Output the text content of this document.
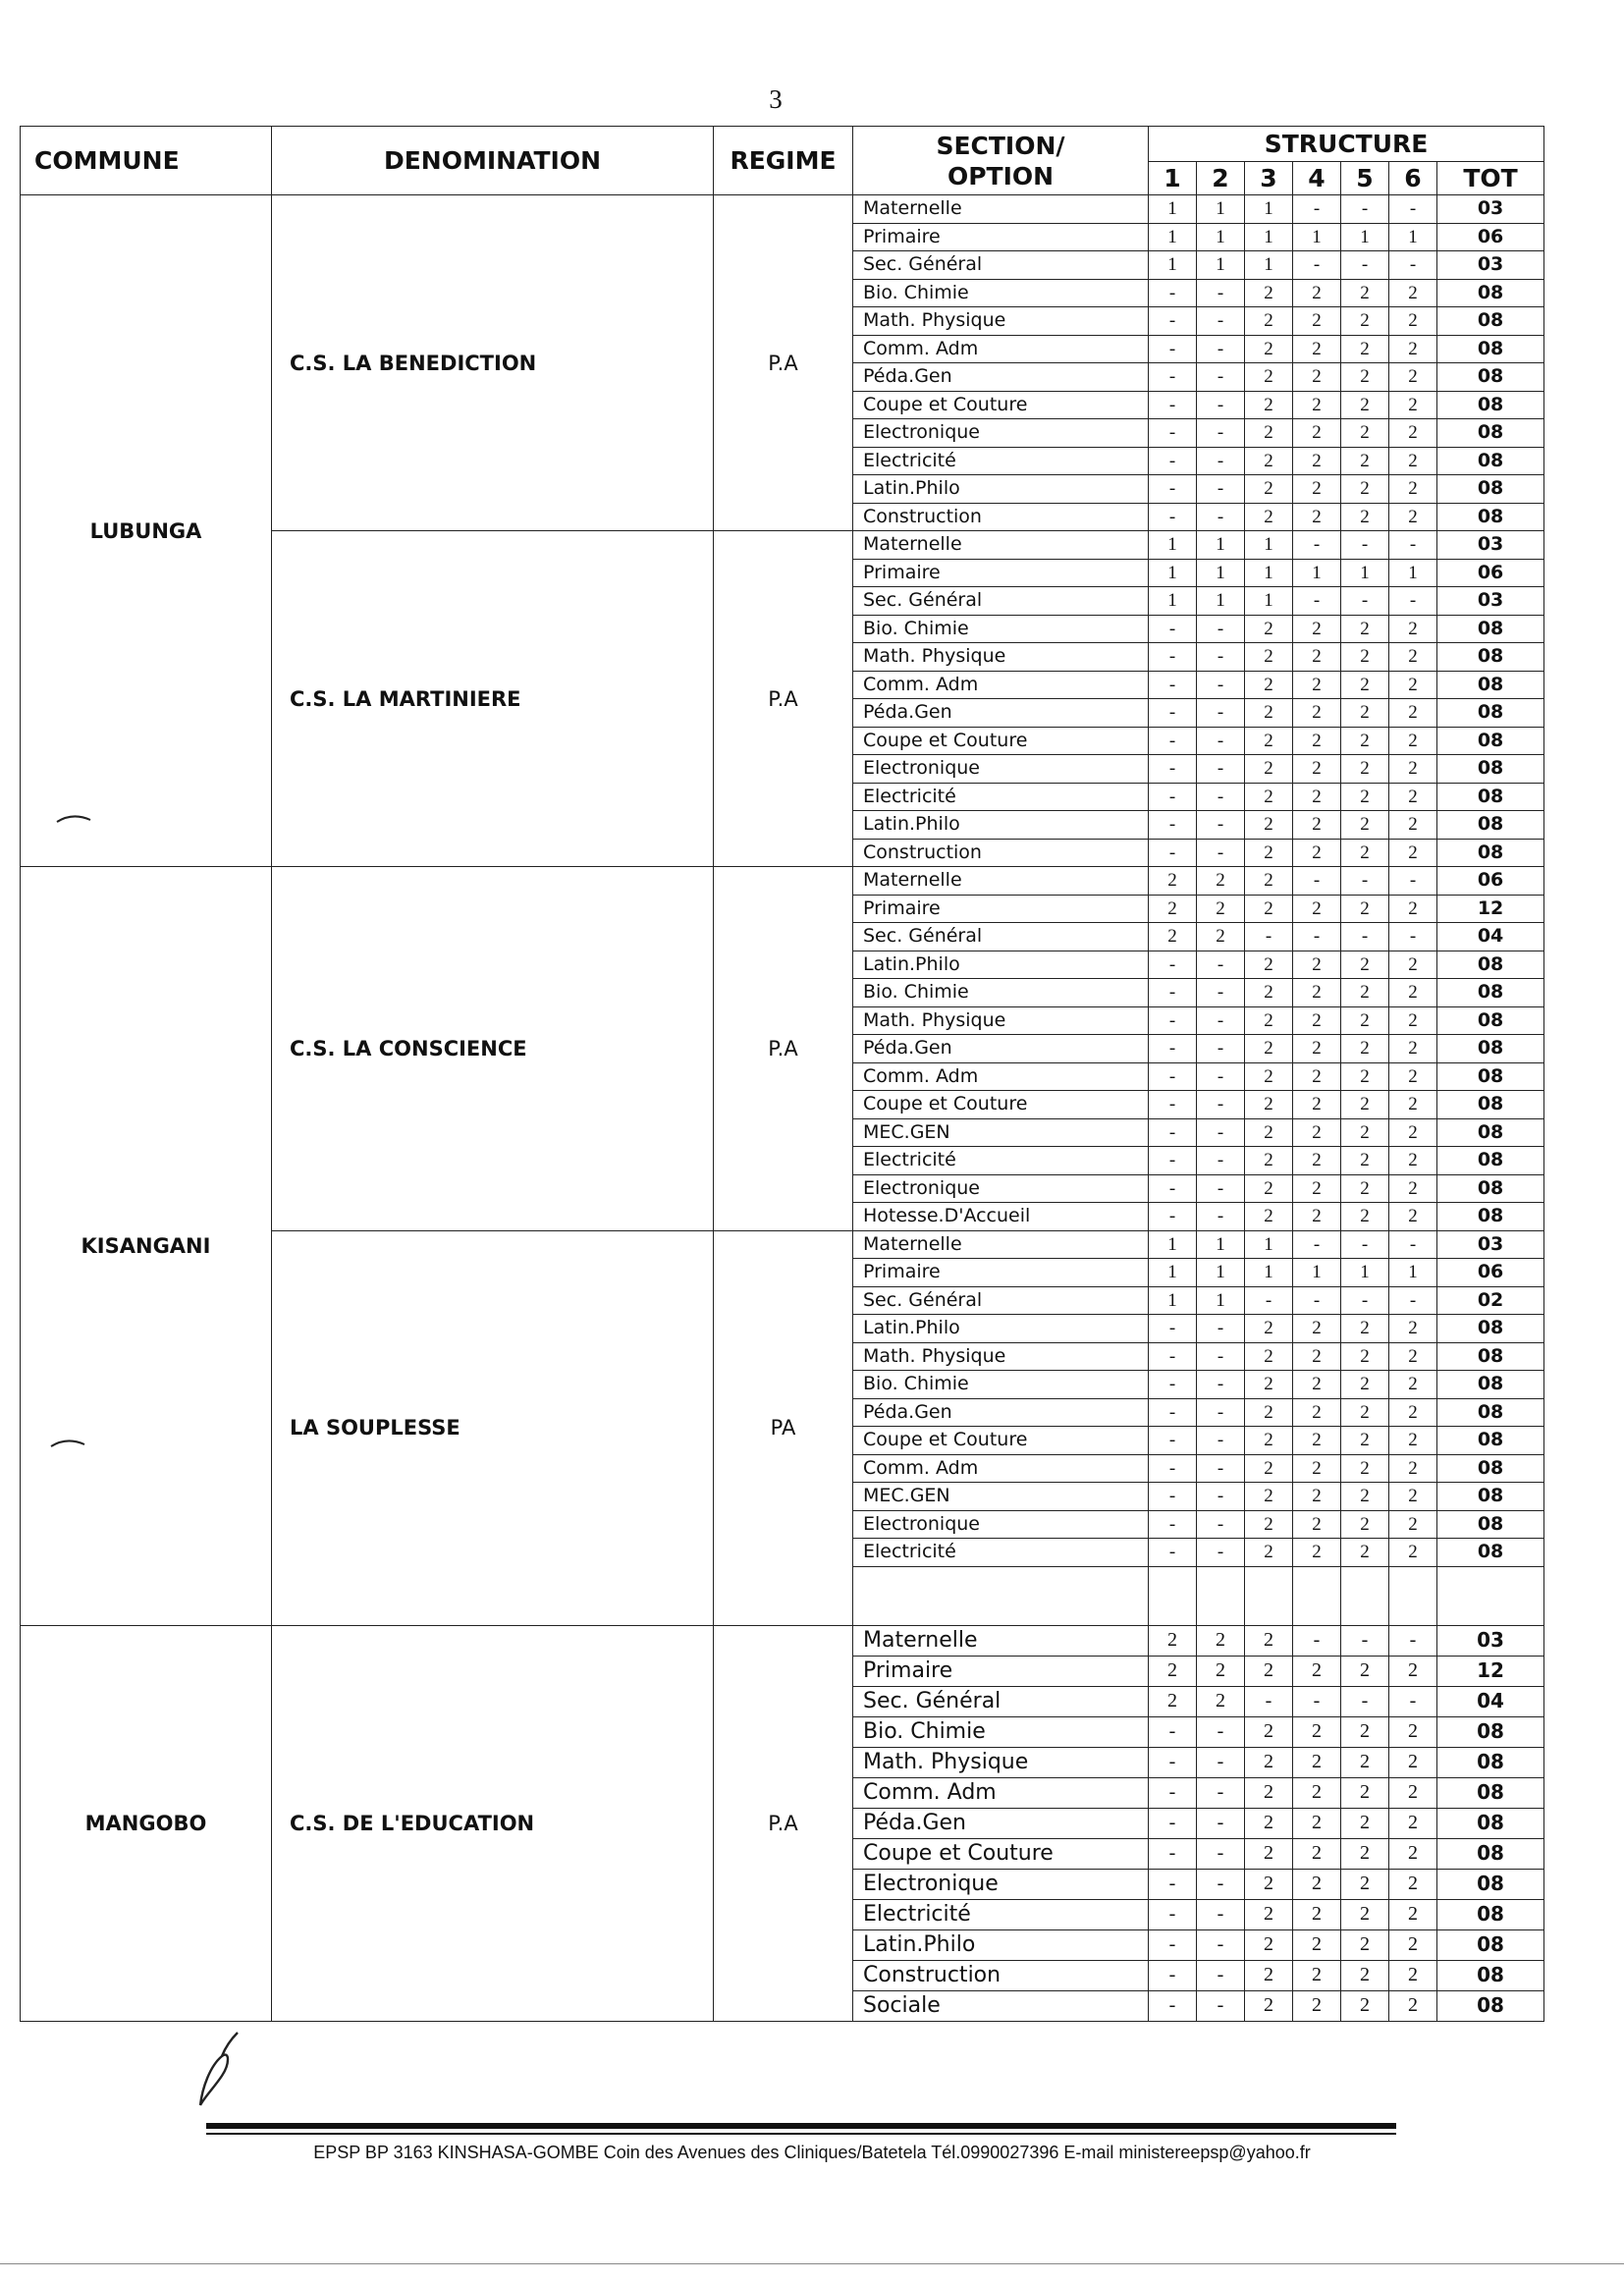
3
COMMUNE	DENOMINATION	REGIME	SECTION/
OPTION	STRUCTURE						
				1	2	3	4	5	6	TOT
LUBUNGA	C.S. LA BENEDICTION	P.A	Maternelle	1	1	1	-	-	-	03
			Primaire	1	1	1	1	1	1	06
			Sec. Général	1	1	1	-	-	-	03
			Bio. Chimie	-	-	2	2	2	2	08
			Math. Physique	-	-	2	2	2	2	08
			Comm. Adm	-	-	2	2	2	2	08
			Péda.Gen	-	-	2	2	2	2	08
			Coupe et Couture	-	-	2	2	2	2	08
			Electronique	-	-	2	2	2	2	08
			Electricité	-	-	2	2	2	2	08
			Latin.Philo	-	-	2	2	2	2	08
			Construction	-	-	2	2	2	2	08
	C.S. LA MARTINIERE	P.A	Maternelle	1	1	1	-	-	-	03
			Primaire	1	1	1	1	1	1	06
			Sec. Général	1	1	1	-	-	-	03
			Bio. Chimie	-	-	2	2	2	2	08
			Math. Physique	-	-	2	2	2	2	08
			Comm. Adm	-	-	2	2	2	2	08
			Péda.Gen	-	-	2	2	2	2	08
			Coupe et Couture	-	-	2	2	2	2	08
			Electronique	-	-	2	2	2	2	08
			Electricité	-	-	2	2	2	2	08
			Latin.Philo	-	-	2	2	2	2	08
			Construction	-	-	2	2	2	2	08
KISANGANI	C.S. LA CONSCIENCE	P.A	Maternelle	2	2	2	-	-	-	06
			Primaire	2	2	2	2	2	2	12
			Sec. Général	2	2	-	-	-	-	04
			Latin.Philo	-	-	2	2	2	2	08
			Bio. Chimie	-	-	2	2	2	2	08
			Math. Physique	-	-	2	2	2	2	08
			Péda.Gen	-	-	2	2	2	2	08
			Comm. Adm	-	-	2	2	2	2	08
			Coupe et Couture	-	-	2	2	2	2	08
			MEC.GEN	-	-	2	2	2	2	08
			Electricité	-	-	2	2	2	2	08
			Electronique	-	-	2	2	2	2	08
			Hotesse.D'Accueil	-	-	2	2	2	2	08
	LA SOUPLESSE	PA	Maternelle	1	1	1	-	-	-	03
			Primaire	1	1	1	1	1	1	06
			Sec. Général	1	1	-	-	-	-	02
			Latin.Philo	-	-	2	2	2	2	08
			Math. Physique	-	-	2	2	2	2	08
			Bio. Chimie	-	-	2	2	2	2	08
			Péda.Gen	-	-	2	2	2	2	08
			Coupe et Couture	-	-	2	2	2	2	08
			Comm. Adm	-	-	2	2	2	2	08
			MEC.GEN	-	-	2	2	2	2	08
			Electronique	-	-	2	2	2	2	08
			Electricité	-	-	2	2	2	2	08

MANGOBO	C.S. DE L'EDUCATION	P.A	Maternelle	2	2	2	-	-	-	03
			Primaire	2	2	2	2	2	2	12
			Sec. Général	2	2	-	-	-	-	04
			Bio. Chimie	-	-	2	2	2	2	08
			Math. Physique	-	-	2	2	2	2	08
			Comm. Adm	-	-	2	2	2	2	08
			Péda.Gen	-	-	2	2	2	2	08
			Coupe et Couture	-	-	2	2	2	2	08
			Electronique	-	-	2	2	2	2	08
			Electricité	-	-	2	2	2	2	08
			Latin.Philo	-	-	2	2	2	2	08
			Construction	-	-	2	2	2	2	08
			Sociale	-	-	2	2	2	2	08
EPSP BP 3163 KINSHASA-GOMBE Coin des Avenues des Cliniques/Batetela Tél.0990027396 E-mail ministereepsp@yahoo.fr
